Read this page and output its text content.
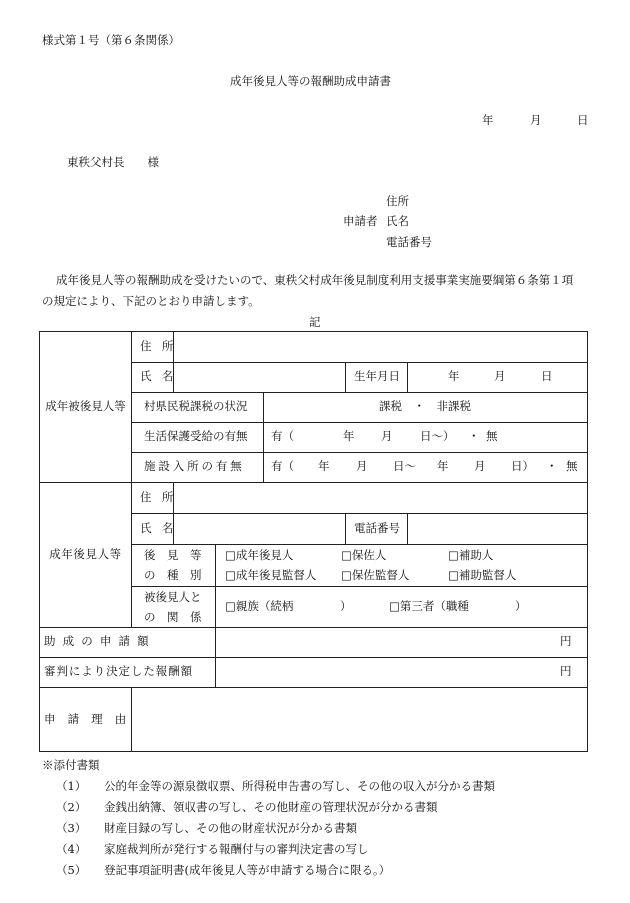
様式第１号（第６条関係）
成年後見人等の報酬助成申請書
年	月	日
東秩父村長　　様
住所
申請者 氏名
電話番号
成年後見人等の報酬助成を受けたいので、東秩父村成年後見制度利用支援事業実施要綱第６条第１項
の規定により、下記のとおり申請します。
記
成年被後見人等
住所
氏名	生年月日	年	月	日
村県民税課税の状況	課税　・　非課税
生活保護受給の有無 有（	年 月 日〜） ・ 無
施設入所の有無 有（ 年 月 日〜 年 月 日） ・ 無
成年後見人等
住所
氏名	電話番号
後　見　等
の　種　別
□成年後見人	□保佐人	□補助人
□成年後見監督人 □保佐監督人	□補助監督人
被後見人と
の　関　係
□親族（続柄	）	□第三者（職種	）
助成の申請額	円
審判により決定した報酬額	円
申請理由
※添付書類
（1） 公的年金等の源泉徴収票、所得税申告書の写し、その他の収入が分かる書類
（2） 金銭出納簿、領収書の写し、その他財産の管理状況が分かる書類
（3） 財産目録の写し、その他の財産状況が分かる書類
（4） 家庭裁判所が発行する報酬付与の審判決定書の写し
（5） 登記事項証明書(成年後見人等が申請する場合に限る。）
